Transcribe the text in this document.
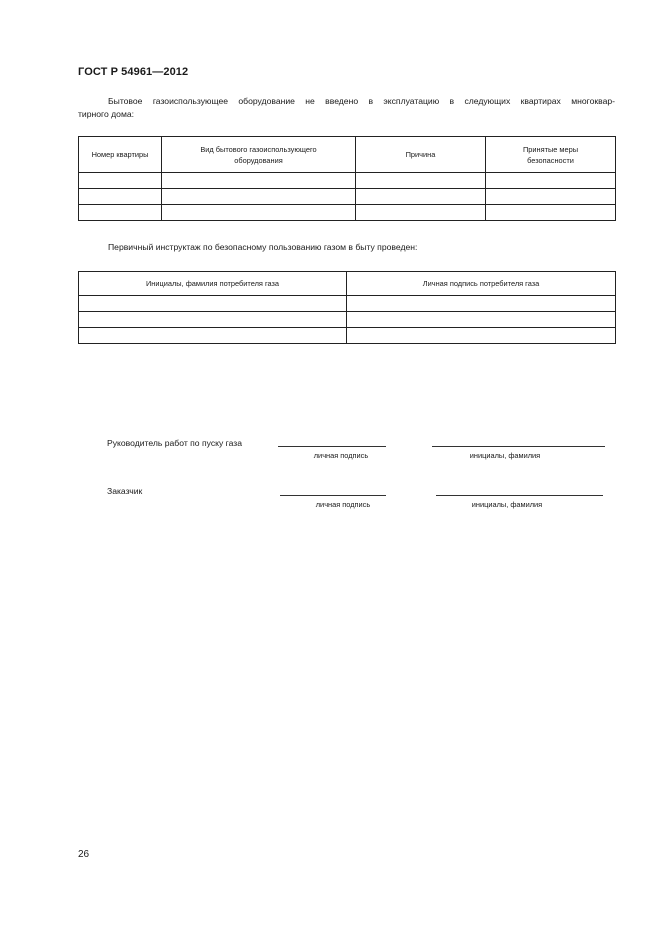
ГОСТ Р 54961—2012
Бытовое газоиспользующее оборудование не введено в эксплуатацию в следующих квартирах многоквар-
тирного дома:
Номер квартиры	Вид бытового газоиспользующего оборудования	Причина	Принятые меры безопасности

Первичный инструктаж по безопасному пользованию газом в быту проведен:
Инициалы, фамилия потребителя газа	Личная подпись потребителя газа

Руководитель работ по пуску газа
личная подпись	инициалы, фамилия
Заказчик
личная подпись	инициалы, фамилия
26
